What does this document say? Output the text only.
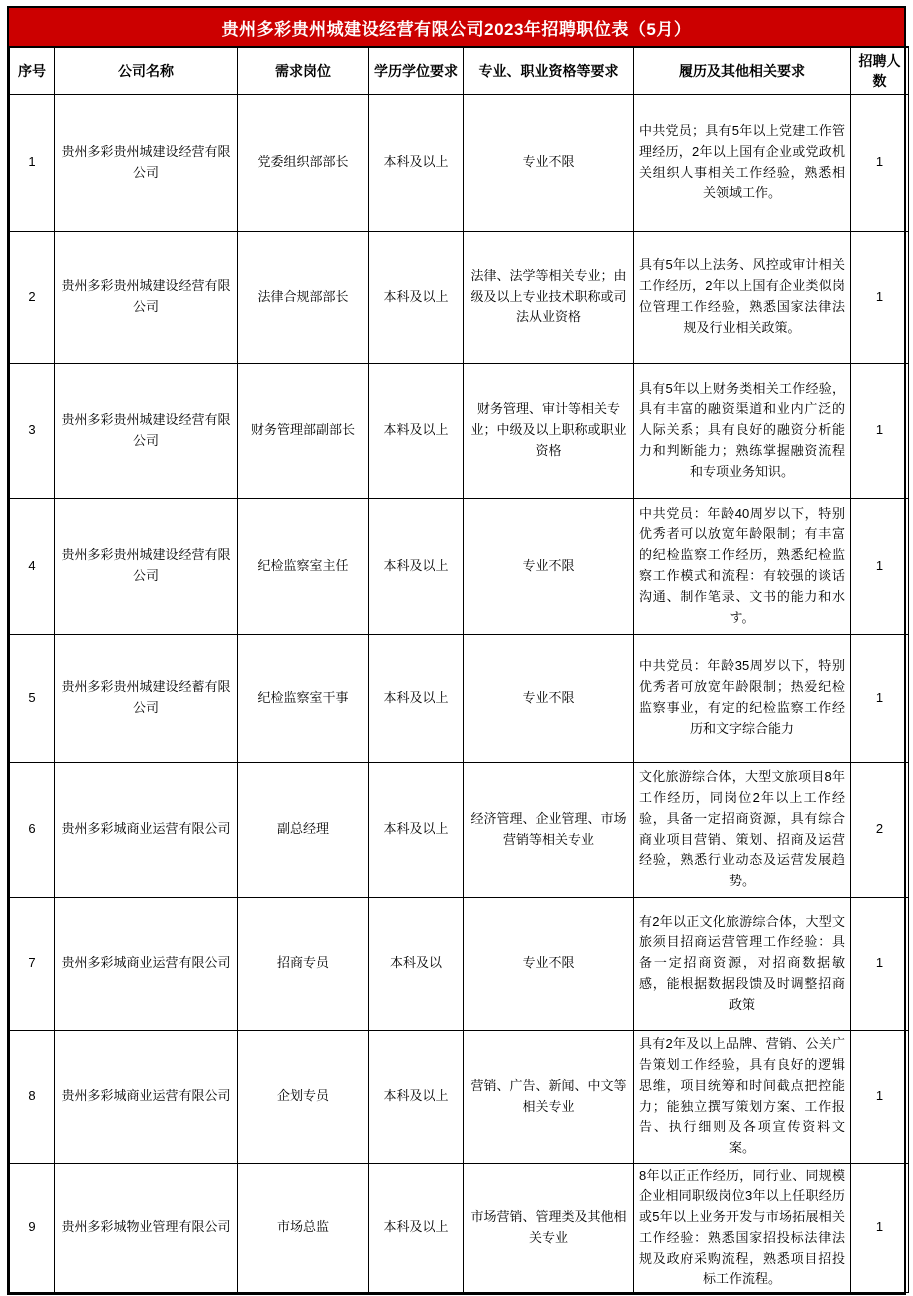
贵州多彩贵州城建设经营有限公司2023年招聘职位表（5月）
序号	公司名称	需求岗位	学历学位要求	专业、职业资格等要求	履历及其他相关要求	招聘人数
1	贵州多彩贵州城建设经营有限公司	党委组织部部长	本科及以上	专业不限	中共党员；具有5年以上党建工作管理经历，2年以上国有企业或党政机关组织人事相关工作经验，熟悉相关领域工作。	1
2	贵州多彩贵州城建设经营有限公司	法律合规部部长	本科及以上	法律、法学等相关专业；由级及以上专业技术职称或司法从业资格	具有5年以上法务、风控或审计相关工作经历，2年以上国有企业类似岗位管理工作经验，熟悉国家法律法规及行业相关政策。	1
3	贵州多彩贵州城建设经营有限公司	财务管理部副部长	本料及以上	财务管理、审计等相关专业；中级及以上职称或职业资格	具有5年以上财务类相关工作经验，具有丰富的融资渠道和业内广泛的人际关系；具有良好的融资分析能力和判断能力；熟练掌握融资流程和专项业务知识。	1
4	贵州多彩贵州城建设经营有限公司	纪检监察室主任	本科及以上	专业不限	中共党员：年龄40周岁以下，特别优秀者可以放宽年龄限制；有丰富的纪检监察工作经历，熟悉纪检监察工作模式和流程：有较强的谈话沟通、制作笔录、文书的能力和水す。	1
5	贵州多彩贵州城建设经蓄有限公司	纪检监察室干事	本科及以上	专业不限	中共党员：年龄35周岁以下，特别优秀者可放宽年龄限制；热爱纪检监察事业，有定的纪检监察工作经历和文字综合能力	1
6	贵州多彩城商业运营有限公司	副总经理	本科及以上	经济管理、企业管理、市场营销等相关专业	文化旅游综合体，大型文旅项目8年工作经历，同岗位2年以上工作经验，具备一定招商资源，具有综合商业项目营销、策划、招商及运营经验，熟悉行业动态及运营发展趋势。	2
7	贵州多彩城商业运营有限公司	招商专员	本科及以	专业不限	有2年以正文化旅游综合体，大型文旅须目招商运营管理工作经验：具备一定招商资源，对招商数据敏感，能根据数据段馈及时调整招商政策	1
8	贵州多彩城商业运营有限公司	企划专员	本科及以上	营销、广告、新闻、中文等相关专业	具有2年及以上品牌、营销、公关广告策划工作经验，具有良好的逻辑思维，项目统筹和时间截点把控能力；能独立撰写策划方案、工作报告、执行细则及各项宣传资料文案。	1
9	贵州多彩城物业管理有限公司	市场总监	本科及以上	市场营销、管理类及其他相关专业	8年以正正作经历，同行业、同规模企业相同职级岗位3年以上任职经历或5年以上业务开发与市场拓展相关工作经验：熟悉国家招投标法律法规及政府采购流程，熟悉项目招投标工作流程。	1
